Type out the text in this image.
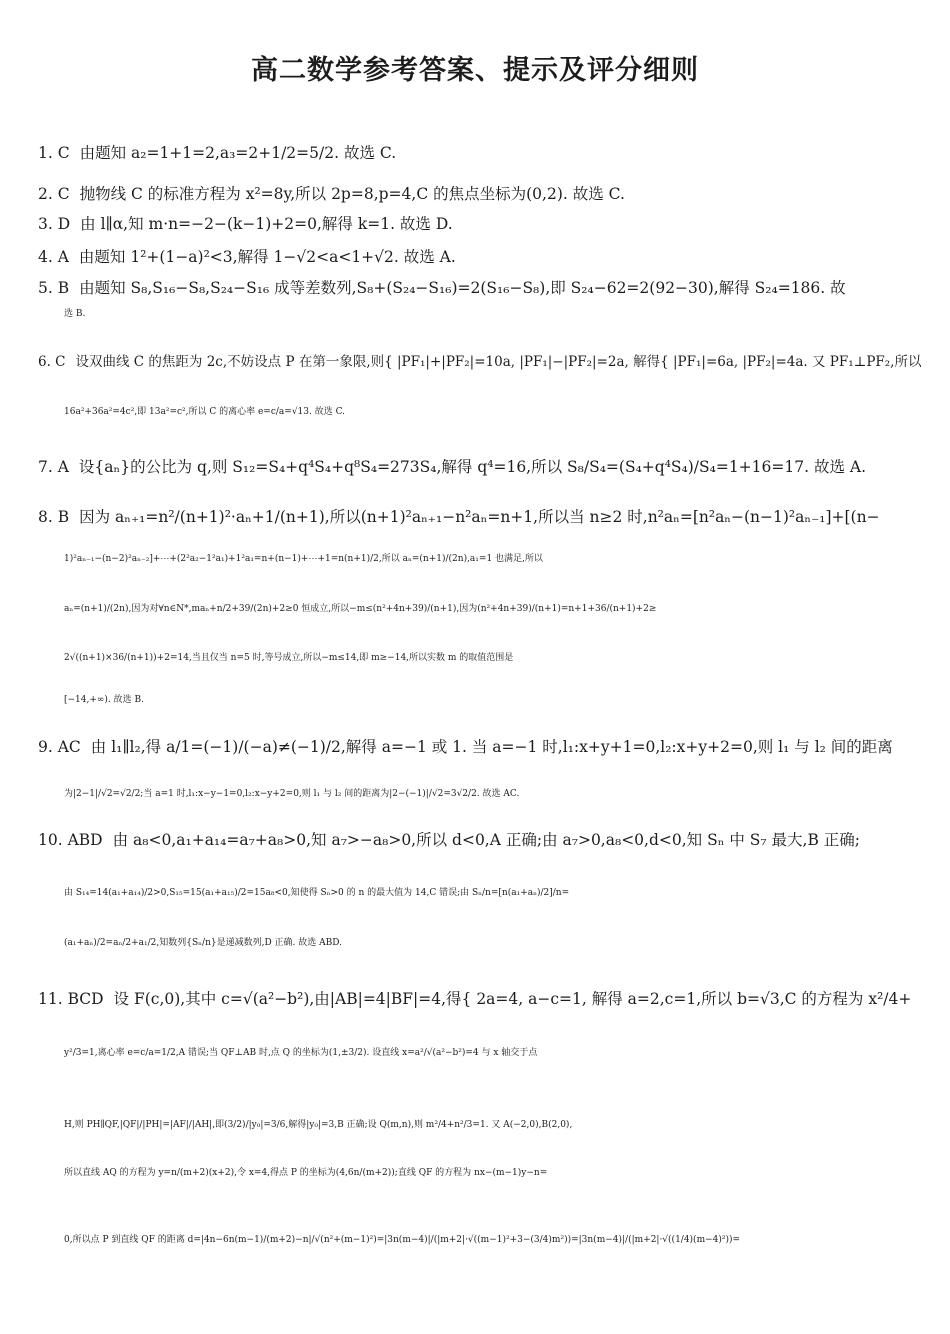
高二数学参考答案、提示及评分细则
1. C 由题知 a₂=1+1=2,a₃=2+1/2=5/2. 故选 C.
2. C 抛物线 C 的标准方程为 x²=8y,所以 2p=8,p=4,C 的焦点坐标为(0,2). 故选 C.
3. D 由 l∥α,知 m·n=−2−(k−1)+2=0,解得 k=1. 故选 D.
4. A 由题知 1²+(1−a)²<3,解得 1−√2<a<1+√2. 故选 A.
5. B 由题知 S₈,S₁₆−S₈,S₂₄−S₁₆ 成等差数列,S₈+(S₂₄−S₁₆)=2(S₁₆−S₈),即 S₂₄−62=2(92−30),解得 S₂₄=186. 故
选 B.
6. C 设双曲线 C 的焦距为 2c,不妨设点 P 在第一象限,则{ |PF₁|+|PF₂|=10a, |PF₁|−|PF₂|=2a, 解得{ |PF₁|=6a, |PF₂|=4a. 又 PF₁⊥PF₂,所以
16a²+36a²=4c²,即 13a²=c²,所以 C 的离心率 e=c/a=√13. 故选 C.
7. A 设{aₙ}的公比为 q,则 S₁₂=S₄+q⁴S₄+q⁸S₄=273S₄,解得 q⁴=16,所以 S₈/S₄=(S₄+q⁴S₄)/S₄=1+16=17. 故选 A.
8. B 因为 aₙ₊₁=n²/(n+1)²·aₙ+1/(n+1),所以(n+1)²aₙ₊₁−n²aₙ=n+1,所以当 n≥2 时,n²aₙ=[n²aₙ−(n−1)²aₙ₋₁]+[(n−
1)²aₙ₋₁−(n−2)²aₙ₋₂]+⋯+(2²a₂−1²a₁)+1²a₁=n+(n−1)+⋯+1=n(n+1)/2,所以 aₙ=(n+1)/(2n),a₁=1 也满足,所以
aₙ=(n+1)/(2n),因为对∀n∈N*,maₙ+n/2+39/(2n)+2≥0 恒成立,所以−m≤(n²+4n+39)/(n+1),因为(n²+4n+39)/(n+1)=n+1+36/(n+1)+2≥
2√((n+1)×36/(n+1))+2=14,当且仅当 n=5 时,等号成立,所以−m≤14,即 m≥−14,所以实数 m 的取值范围是
[−14,+∞). 故选 B.
9. AC 由 l₁∥l₂,得 a/1=(−1)/(−a)≠(−1)/2,解得 a=−1 或 1. 当 a=−1 时,l₁:x+y+1=0,l₂:x+y+2=0,则 l₁ 与 l₂ 间的距离
为|2−1|/√2=√2/2;当 a=1 时,l₁:x−y−1=0,l₂:x−y+2=0,则 l₁ 与 l₂ 间的距离为|2−(−1)|/√2=3√2/2. 故选 AC.
10. ABD 由 a₈<0,a₁+a₁₄=a₇+a₈>0,知 a₇>−a₈>0,所以 d<0,A 正确;由 a₇>0,a₈<0,d<0,知 Sₙ 中 S₇ 最大,B 正确;
由 S₁₄=14(a₁+a₁₄)/2>0,S₁₅=15(a₁+a₁₅)/2=15a₈<0,知使得 Sₙ>0 的 n 的最大值为 14,C 错误;由 Sₙ/n=[n(a₁+aₙ)/2]/n=
(a₁+aₙ)/2=aₙ/2+a₁/2,知数列{Sₙ/n}是递减数列,D 正确. 故选 ABD.
11. BCD 设 F(c,0),其中 c=√(a²−b²),由|AB|=4|BF|=4,得{ 2a=4, a−c=1, 解得 a=2,c=1,所以 b=√3,C 的方程为 x²/4+
y²/3=1,离心率 e=c/a=1/2,A 错误;当 QF⊥AB 时,点 Q 的坐标为(1,±3/2). 设直线 x=a²/√(a²−b²)=4 与 x 轴交于点
H,则 PH∥QF,|QF|/|PH|=|AF|/|AH|,即(3/2)/|y₀|=3/6,解得|y₀|=3,B 正确;设 Q(m,n),则 m²/4+n²/3=1. 又 A(−2,0),B(2,0),
所以直线 AQ 的方程为 y=n/(m+2)(x+2),令 x=4,得点 P 的坐标为(4,6n/(m+2));直线 QF 的方程为 nx−(m−1)y−n=
0,所以点 P 到直线 QF 的距离 d=|4n−6n(m−1)/(m+2)−n|/√(n²+(m−1)²)=|3n(m−4)|/(|m+2|·√((m−1)²+3−(3/4)m²))=|3n(m−4)|/(|m+2|·√((1/4)(m−4)²))=
